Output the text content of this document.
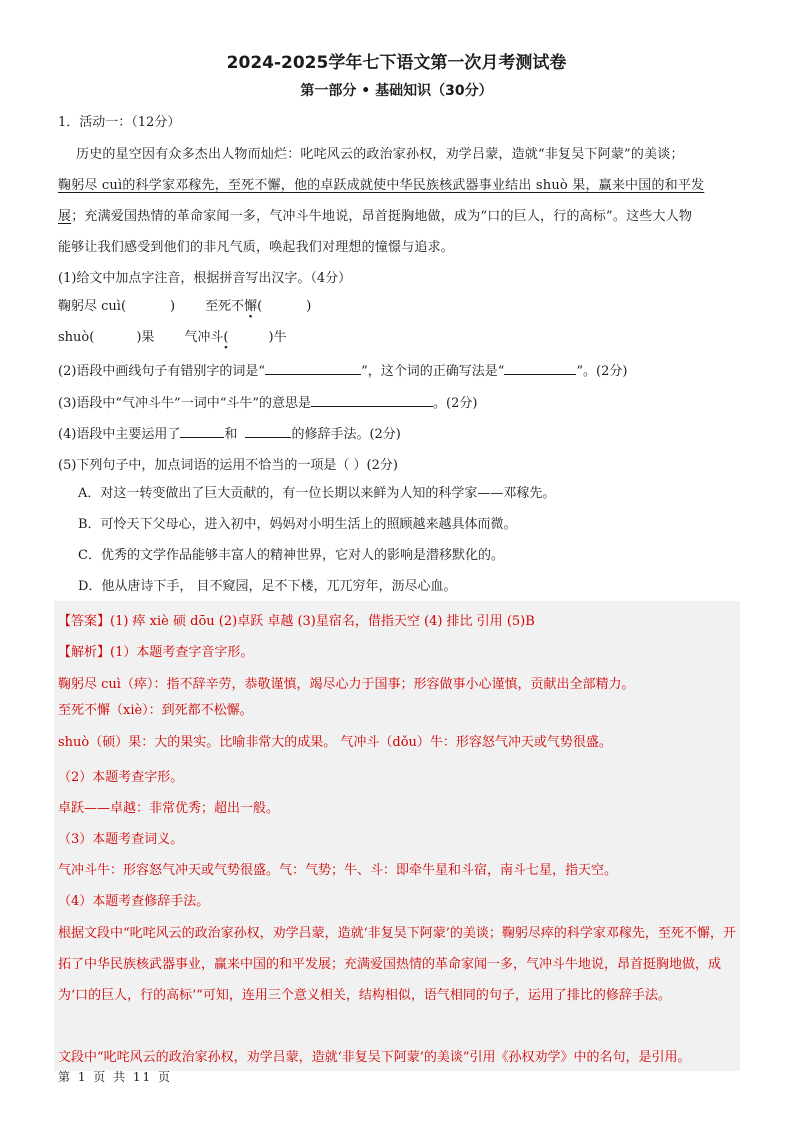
2024-2025学年七下语文第一次月考测试卷
第一部分 • 基础知识（30分）
1．活动一：（12分）
历史的星空因有众多杰出人物而灿烂：叱咤风云的政治家孙权，劝学吕蒙，造就“非复吴下阿蒙”的美谈；
鞠躬尽 cuì的科学家邓稼先，至死不懈，他的卓跃成就使中华民族核武器事业结出 shuò 果，赢来中国的和平发
展；充满爱国热情的革命家闻一多，气冲斗牛地说，昂首挺胸地做，成为“口的巨人，行的高标”。这些大人物
能够让我们感受到他们的非凡气质，唤起我们对理想的憧憬与追求。
(1)给文中加点字注音，根据拼音写出汉字。（4分）
鞠躬尽 cuì(	) 至死不懈(	)
shuò(	)果 气冲斗( ·	)牛
(2)语段中画线句子有错别字的词是“	”，这个词的正确写法是“	”。(2分)
(3)语段中“气冲斗牛”一词中“斗牛”的意思是	。(2分)
(4)语段中主要运用了	和	的修辞手法。(2分)
(5)下列句子中，加点词语的运用不恰当的一项是（ ）(2分)
A．对这一转变做出了巨大贡献的，有一位长期以来鲜为人知的科学家——邓稼先。
B．可怜天下父母心，进入初中，妈妈对小明生活上的照顾越来越具体而微。
C．优秀的文学作品能够丰富人的精神世界，它对人的影响是潜移默化的。
D．他从唐诗下手， 目不窥园，足不下楼，兀兀穷年，沥尽心血。
【答案】(1) 瘁 xiè 硕 dōu (2)卓跃 卓越 (3)星宿名，借指天空 (4) 排比 引用 (5)B
【解析】(1）本题考查字音字形。
鞠躬尽 cuì（瘁）：指不辞辛劳，恭敬谨慎，竭尽心力于国事；形容做事小心谨慎，贡献出全部精力。
至死不懈（xiè）：到死都不松懈。
shuò（硕）果：大的果实。比喻非常大的成果。 气冲斗（dǒu）牛：形容怒气冲天或气势很盛。
（2）本题考查字形。
卓跃——卓越：非常优秀；超出一般。
（3）本题考查词义。
气冲斗牛：形容怒气冲天或气势很盛。气：气势；牛、斗：即牵牛星和斗宿，南斗七星，指天空。
（4）本题考查修辞手法。
根据文段中“叱咤风云的政治家孙权，劝学吕蒙，造就‘非复吴下阿蒙’的美谈；鞠躬尽瘁的科学家邓稼先，至死不懈，开拓了中华民族核武器事业，赢来中国的和平发展；充满爱国热情的革命家闻一多，气冲斗牛地说，昂首挺胸地做，成为‘口的巨人，行的高标’”可知，连用三个意义相关，结构相似，语气相同的句子，运用了排比的修辞手法。
文段中“叱咤风云的政治家孙权，劝学吕蒙，造就‘非复吴下阿蒙’的美谈”引用《孙权劝学》中的名句，是引用。
第 1 页 共 11 页
